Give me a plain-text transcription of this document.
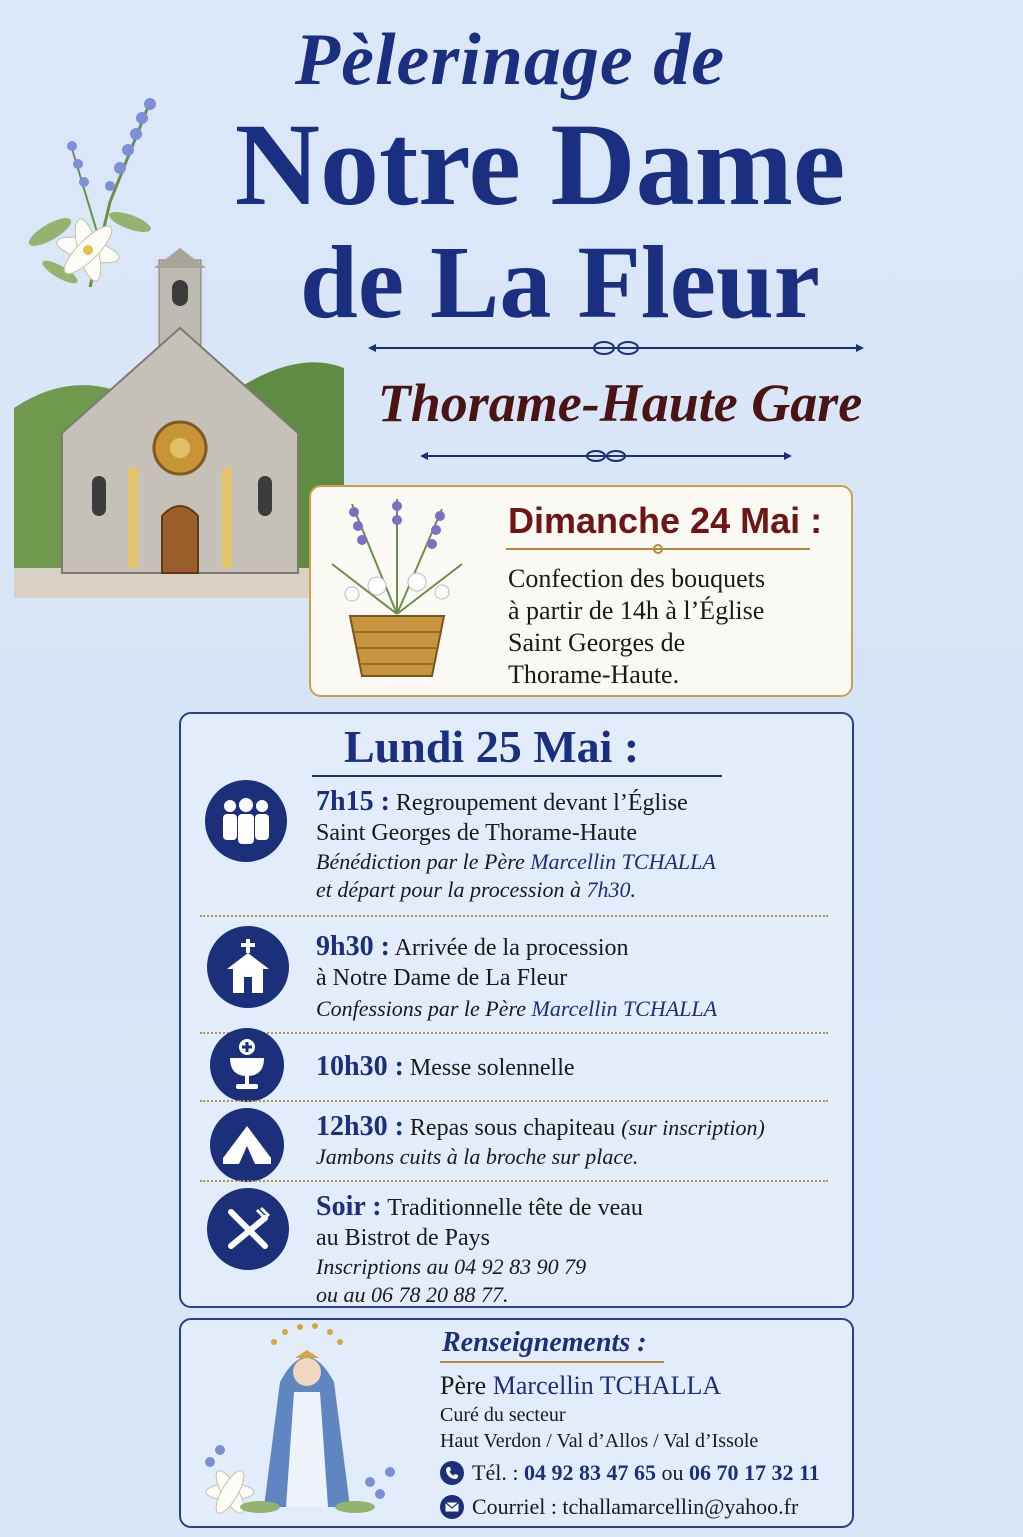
Pèlerinage de
Notre Dame
de La Fleur
Thorame-Haute Gare
Dimanche 24 Mai :
Confection des bouquets
à partir de 14h à l’Église
Saint Georges de
Thorame-Haute.
Lundi 25 Mai :
7h15 : Regroupement devant l’Église
Saint Georges de Thorame-Haute
Bénédiction par le Père Marcellin TCHALLA
et départ pour la procession à 7h30.
9h30 : Arrivée de la procession
à Notre Dame de La Fleur
Confessions par le Père Marcellin TCHALLA
10h30 : Messe solennelle
12h30 : Repas sous chapiteau (sur inscription)
Jambons cuits à la broche sur place.
Soir : Traditionnelle tête de veau
au Bistrot de Pays
Inscriptions au 04 92 83 90 79
ou au 06 78 20 88 77.
Renseignements :
Père Marcellin TCHALLA
Curé du secteur
Haut Verdon / Val d’Allos / Val d’Issole
Tél. : 04 92 83 47 65 ou 06 70 17 32 11
Courriel : tchallamarcellin@yahoo.fr
